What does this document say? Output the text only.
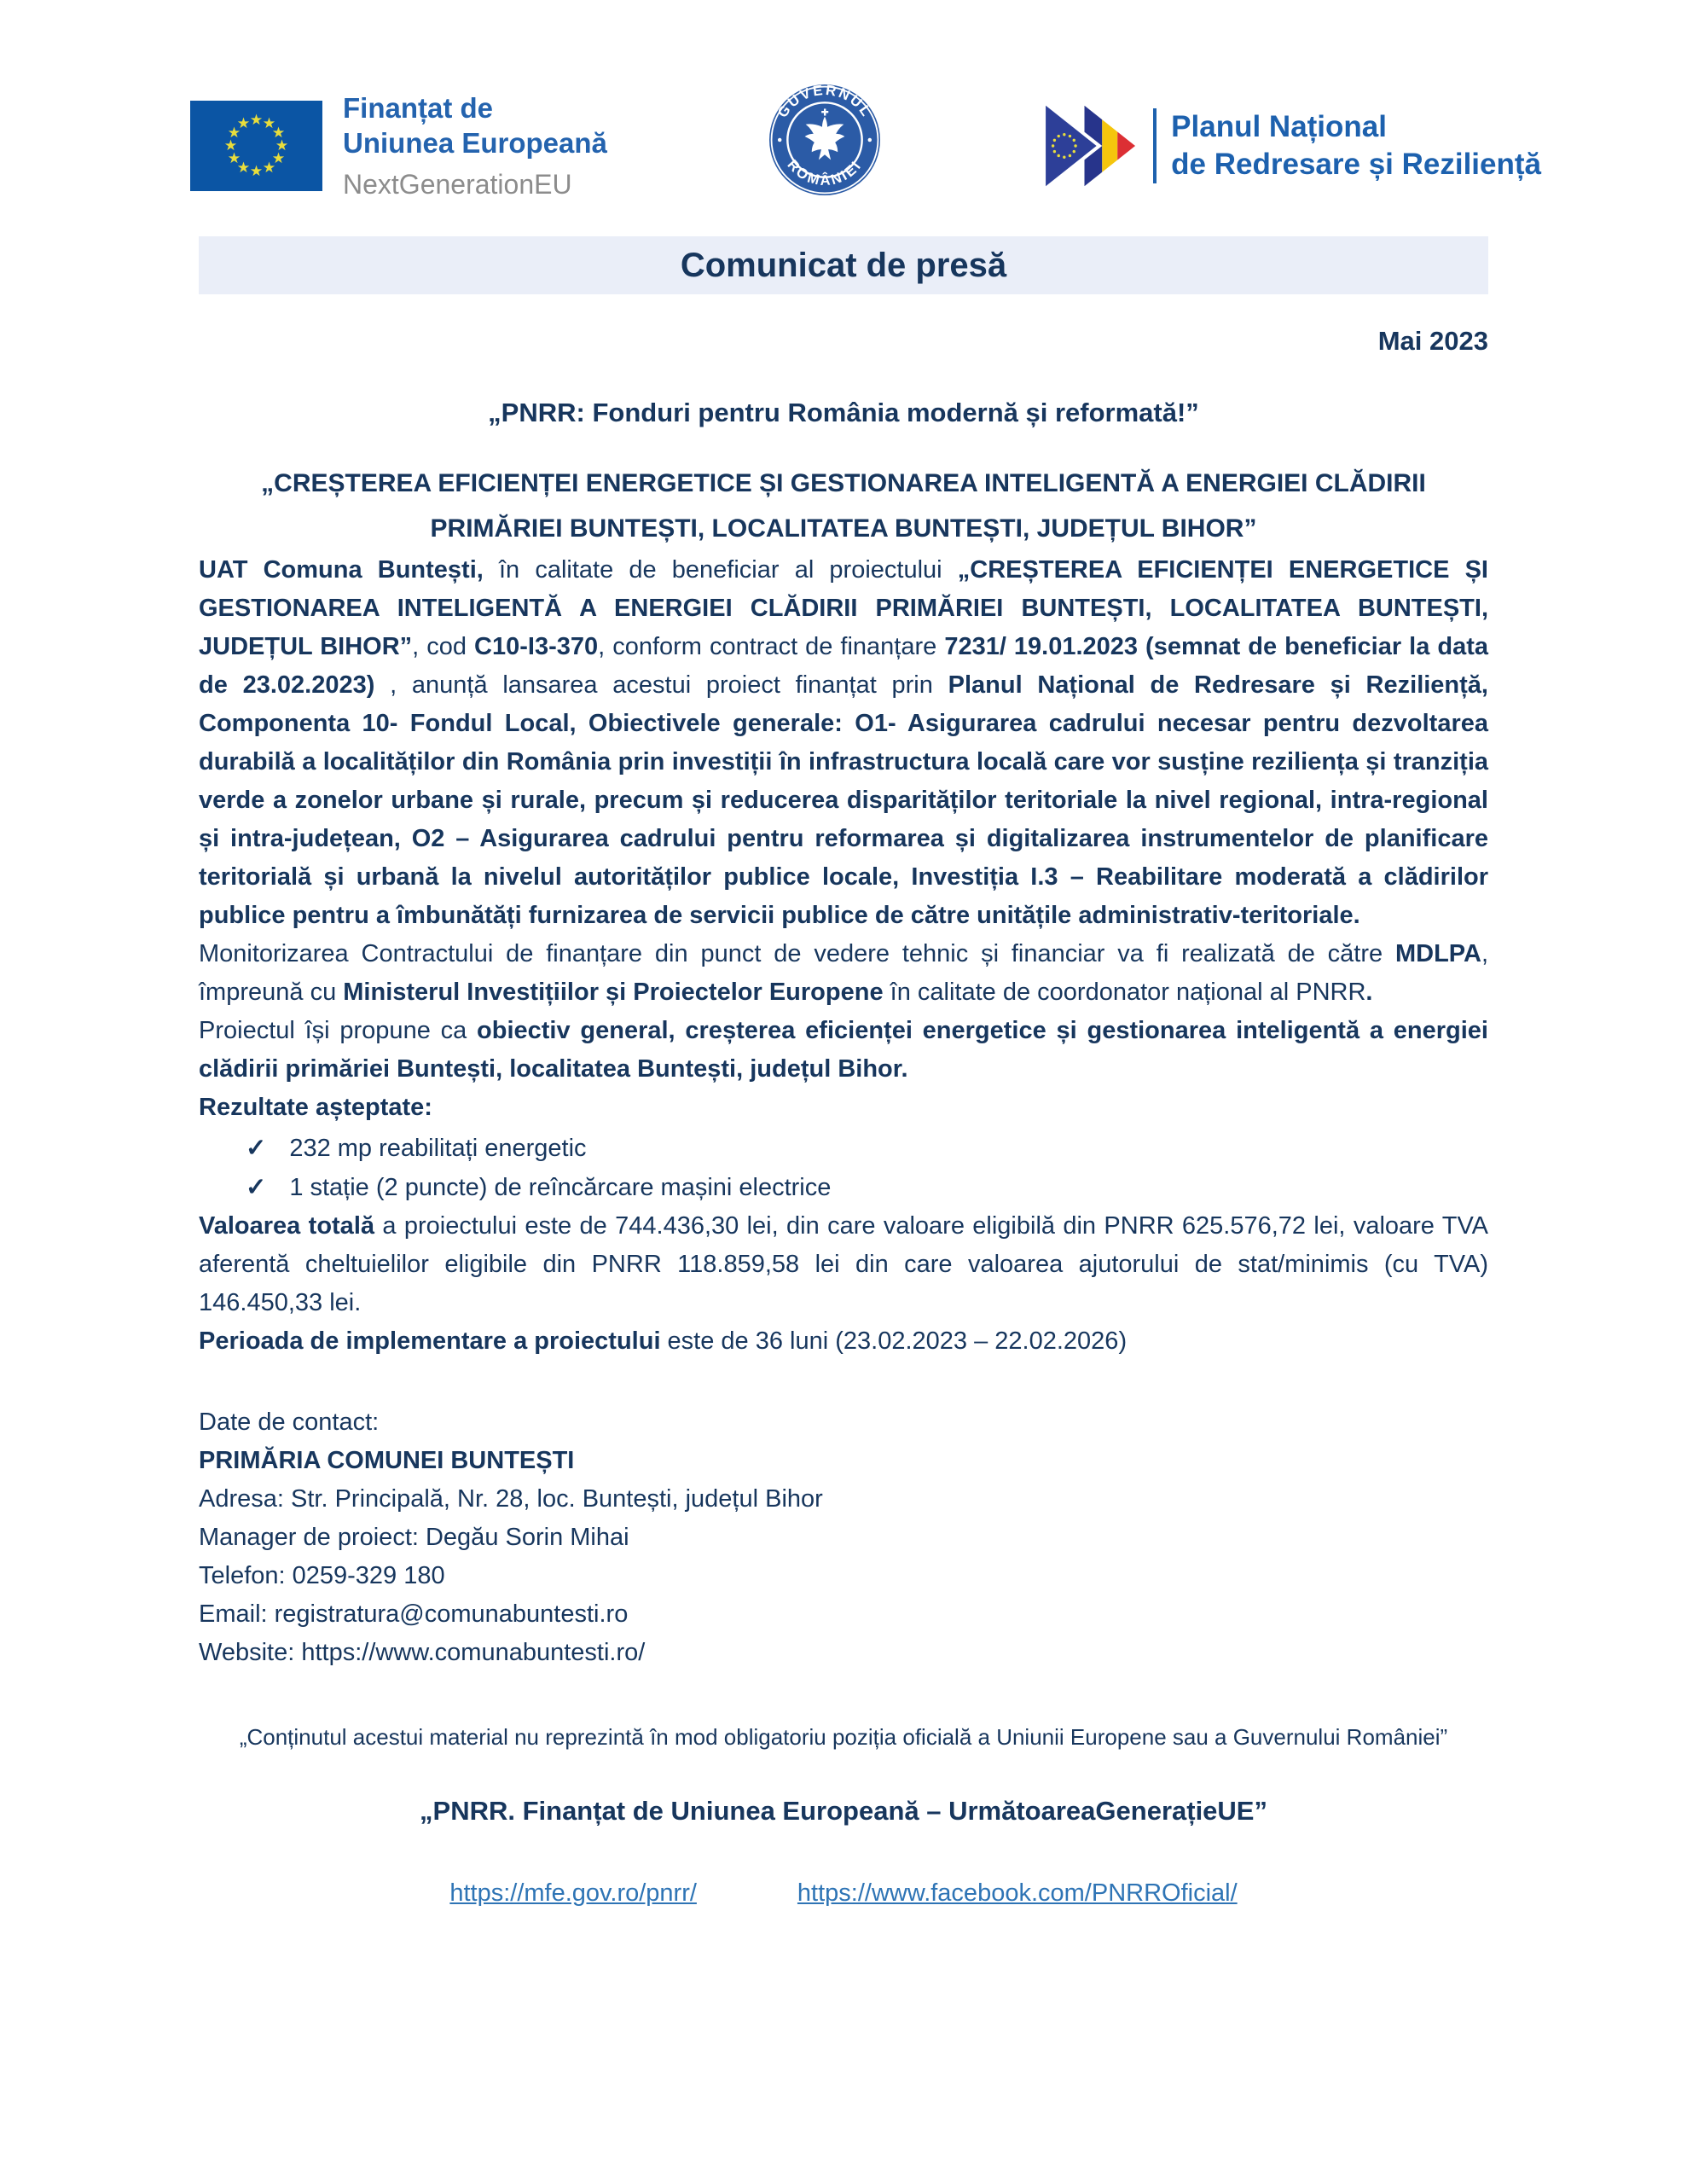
Finanțat de
Uniunea Europeană
NextGenerationEU
GUVERNUL
ROMÂNIEI
Planul Național
de Redresare și Reziliență
Comunicat de presă
Mai 2023
„PNRR: Fonduri pentru România modernă și reformată!”
„CREȘTEREA EFICIENȚEI ENERGETICE ȘI GESTIONAREA INTELIGENTĂ A ENERGIEI CLĂDIRII PRIMĂRIEI BUNTEȘTI, LOCALITATEA BUNTEȘTI, JUDEȚUL BIHOR”

UAT Comuna Buntești, în calitate de beneficiar al proiectului „CREȘTEREA EFICIENȚEI ENERGETICE ȘI GESTIONAREA INTELIGENTĂ A ENERGIEI CLĂDIRII PRIMĂRIEI BUNTEȘTI, LOCALITATEA BUNTEȘTI, JUDEȚUL BIHOR”, cod C10-I3-370, conform contract de finanțare 7231/ 19.01.2023 (semnat de beneficiar la data de 23.02.2023) , anunță lansarea acestui proiect finanțat prin Planul Național de Redresare și Reziliență, Componenta 10- Fondul Local, Obiectivele generale: O1- Asigurarea cadrului necesar pentru dezvoltarea durabilă a localităților din România prin investiții în infrastructura locală care vor susține reziliența și tranziția verde a zonelor urbane și rurale, precum și reducerea disparităților teritoriale la nivel regional, intra-regional și intra-județean, O2 – Asigurarea cadrului pentru reformarea și digitalizarea instrumentelor de planificare teritorială și urbană la nivelul autorităților publice locale, Investiția I.3 – Reabilitare moderată a clădirilor publice pentru a îmbunătăți furnizarea de servicii publice de către unitățile administrativ-teritoriale.

Monitorizarea Contractului de finanțare din punct de vedere tehnic și financiar va fi realizată de către MDLPA, împreună cu Ministerul Investițiilor și Proiectelor Europene în calitate de coordonator național al PNRR.

Proiectul își propune ca obiectiv general, creșterea eficienței energetice și gestionarea inteligentă a energiei clădirii primăriei Buntești, localitatea Buntești, județul Bihor.

Rezultate așteptate:

✓ 232 mp reabilitați energetic
✓ 1 stație (2 puncte) de reîncărcare mașini electrice

Valoarea totală a proiectului este de 744.436,30 lei, din care valoare eligibilă din PNRR 625.576,72 lei, valoare TVA aferentă cheltuielilor eligibile din PNRR 118.859,58 lei din care valoarea ajutorului de stat/minimis (cu TVA) 146.450,33 lei.

Perioada de implementare a proiectului este de 36 luni (23.02.2023 – 22.02.2026)

Date de contact:

PRIMĂRIA COMUNEI BUNTEȘTI

Adresa: Str. Principală, Nr. 28, loc. Buntești, județul Bihor

Manager de proiect: Degău Sorin Mihai

Telefon: 0259-329 180

Email: registratura@comunabuntesti.ro

Website: https://www.comunabuntesti.ro/

„Conținutul acestui material nu reprezintă în mod obligatoriu poziția oficială a Uniunii Europene sau a Guvernului României”

„PNRR. Finanțat de Uniunea Europeană – UrmătoareaGenerațieUE”

https://mfe.gov.ro/pnrr/	https://www.facebook.com/PNRROficial/
